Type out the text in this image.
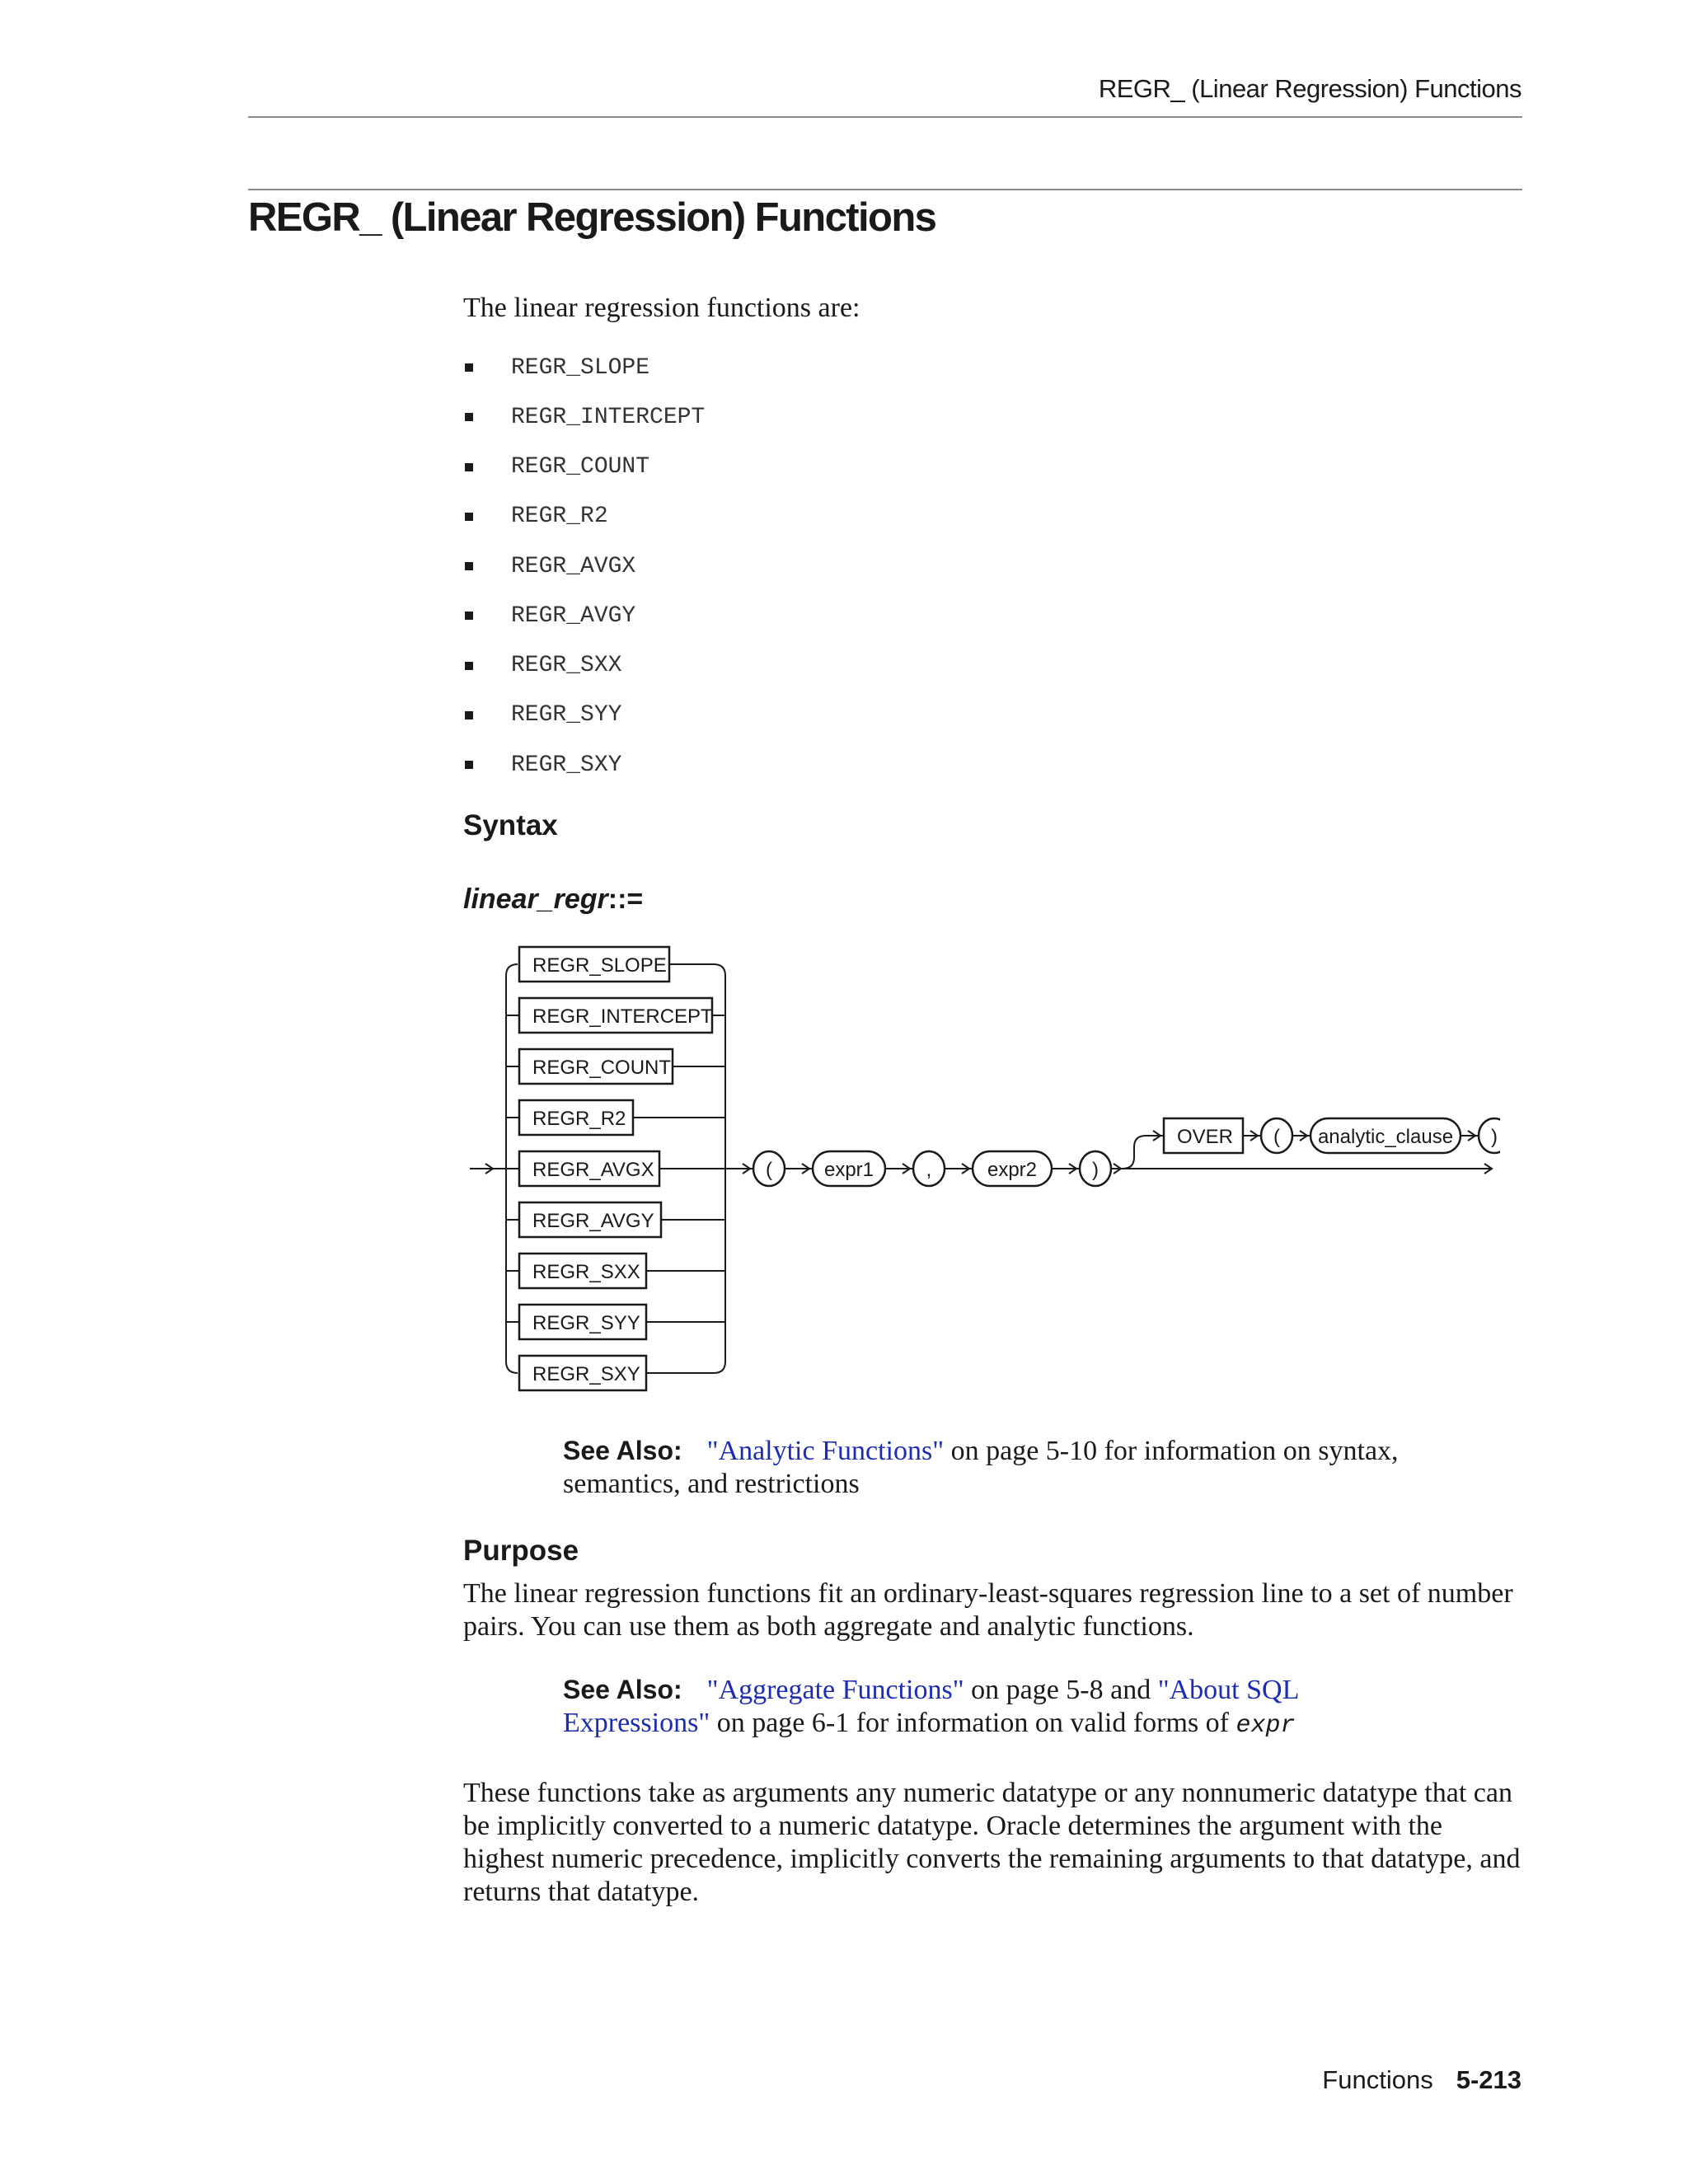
REGR_ (Linear Regression) Functions
REGR_ (Linear Regression) Functions

The linear regression functions are:

REGR_SLOPE
REGR_INTERCEPT
REGR_COUNT
REGR_R2
REGR_AVGX
REGR_AVGY
REGR_SXX
REGR_SYY
REGR_SXY
Syntax

linear_regr::=

REGR_SLOPE
REGR_INTERCEPT
REGR_COUNT
REGR_R2
REGR_AVGX
REGR_AVGY
REGR_SXX
REGR_SYY
REGR_SXY
(	expr1	,	expr2	)
OVER ( analytic_clause )

See Also: "Analytic Functions" on page 5-10 for information on syntax, semantics, and restrictions

Purpose

The linear regression functions fit an ordinary-least-squares regression line to a set of number pairs. You can use them as both aggregate and analytic functions.

See Also: "Aggregate Functions" on page 5-8 and "About SQL Expressions" on page 6-1 for information on valid forms of expr

These functions take as arguments any numeric datatype or any nonnumeric datatype that can be implicitly converted to a numeric datatype. Oracle determines the argument with the highest numeric precedence, implicitly converts the remaining arguments to that datatype, and returns that datatype.

Functions 5-213
